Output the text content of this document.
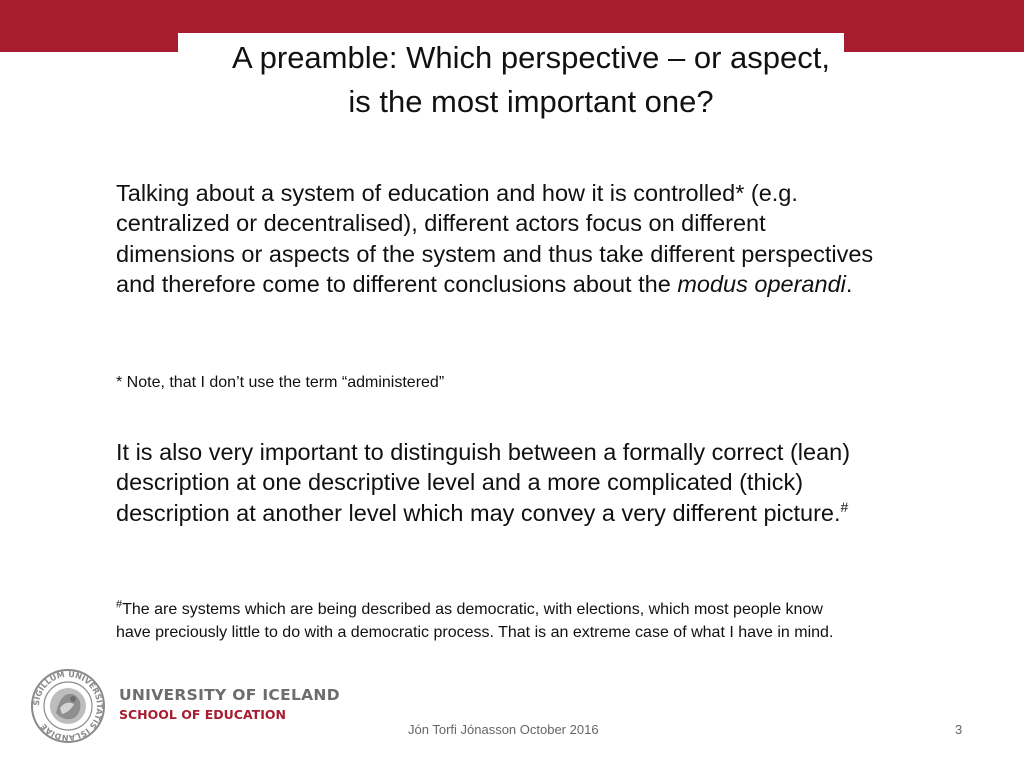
A preamble: Which perspective – or aspect,
is the most important one?

Talking about a system of education and how it is controlled* (e.g. centralized or decentralised), different actors focus on different dimensions or aspects of the system and thus take different perspectives and therefore come to different conclusions about the modus operandi.

* Note, that I don’t use the term “administered”

It is also very important to distinguish between a formally correct (lean) description at one descriptive level and a more complicated (thick) description at another level which may convey a very different picture.#

#The are systems which are being described as democratic, with elections, which most people know have preciously little to do with a democratic process. That is an extreme case of what I have in mind.

SIGILLUM UNIVERSITATIS ISLANDIAE

UNIVERSITY OF ICELAND

SCHOOL OF EDUCATION

Jón Torfi Jónasson October 2016	3
